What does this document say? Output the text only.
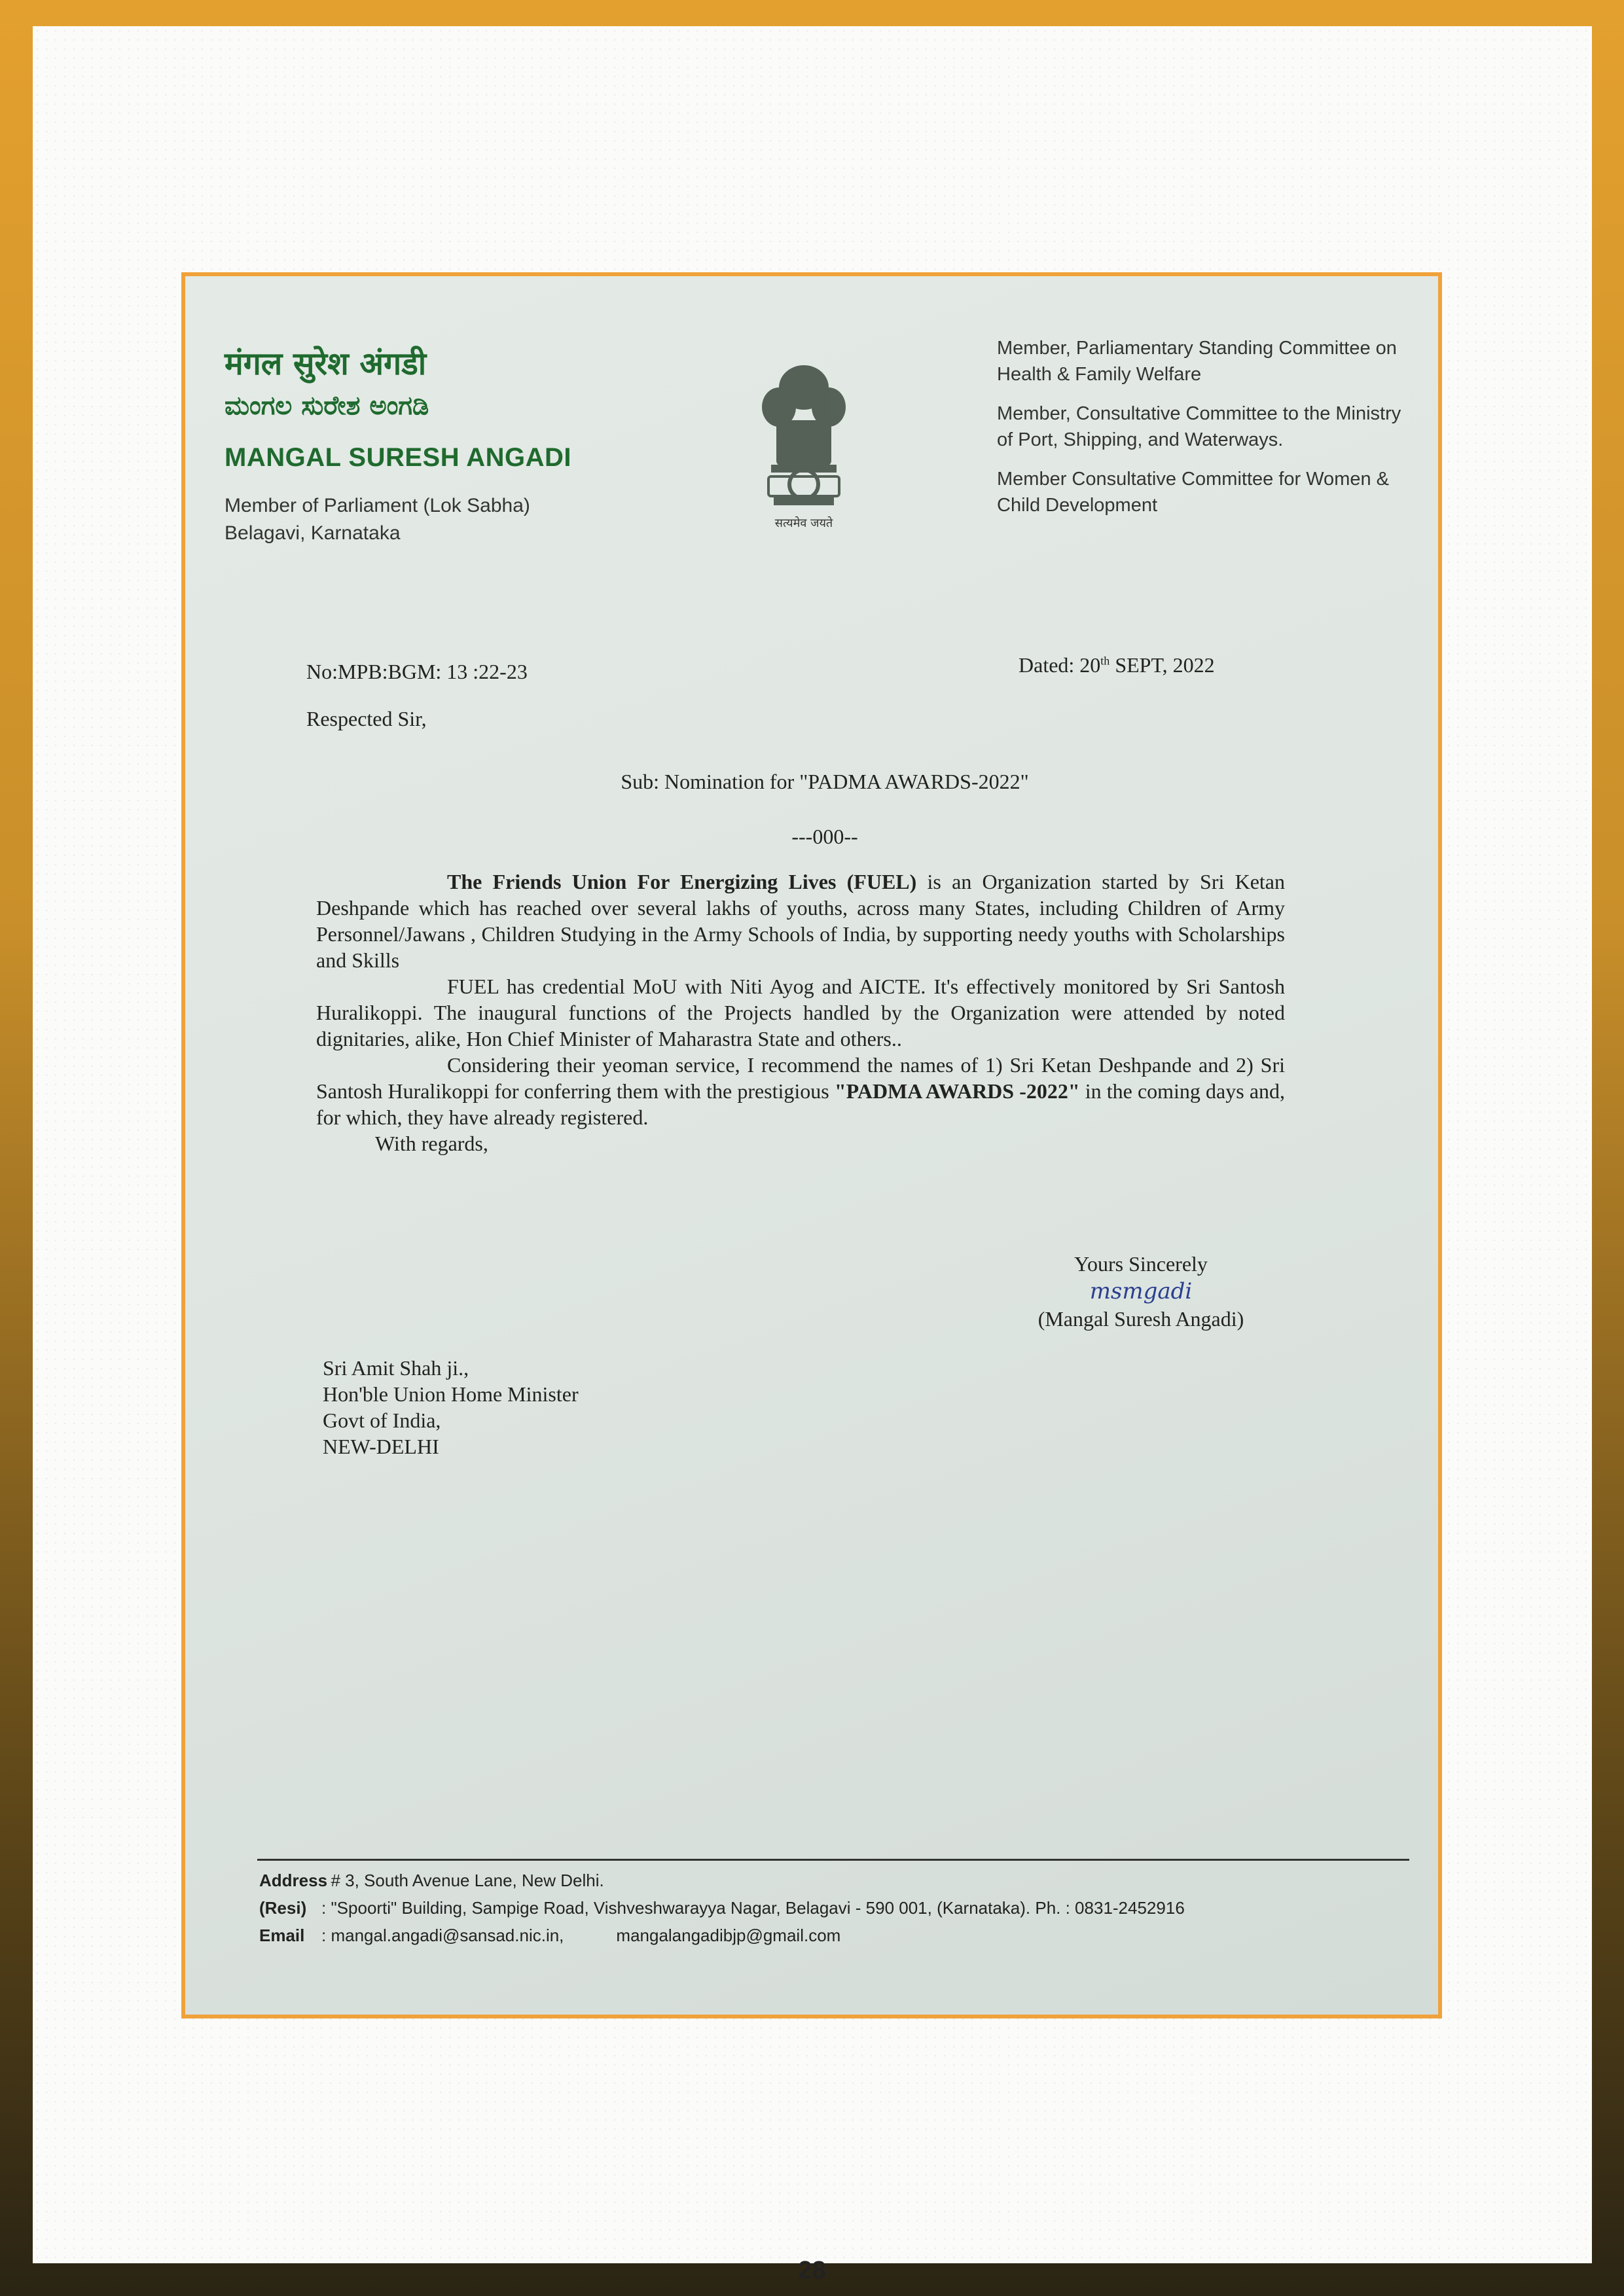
मंगल सुरेश अंगडी
ಮಂಗಲ ಸುರೇಶ ಅಂಗಡಿ
MANGAL SURESH ANGADI
Member of Parliament (Lok Sabha)
Belagavi, Karnataka	सत्यमेव जयते

Member, Parliamentary Standing Committee on Health & Family Welfare

Member, Consultative Committee to the Ministry of Port, Shipping, and Waterways.

Member Consultative Committee for Women & Child Development

No:MPB:BGM: 13 :22-23	Dated: 20th SEPT, 2022
Respected Sir,
Sub: Nomination for "PADMA AWARDS-2022"
---000--

The Friends Union For Energizing Lives (FUEL) is an Organization started by Sri Ketan Deshpande which has reached over several lakhs of youths, across many States, including Children of Army Personnel/Jawans , Children Studying in the Army Schools of India, by supporting needy youths with Scholarships and Skills

FUEL has credential MoU with Niti Ayog and AICTE. It's effectively monitored by Sri Santosh Huralikoppi. The inaugural functions of the Projects handled by the Organization were attended by noted dignitaries, alike, Hon Chief Minister of Maharastra State and others..

Considering their yeoman service, I recommend the names of 1) Sri Ketan Deshpande and 2) Sri Santosh Huralikoppi for conferring them with the prestigious "PADMA AWARDS -2022" in the coming days and, for which, they have already registered.

With regards,

Yours Sincerely
msmgadi
(Mangal Suresh Angadi)
Sri Amit Shah ji.,
Hon'ble Union Home Minister
Govt of India,
NEW-DELHI
Address: # 3, South Avenue Lane, New Delhi.
(Resi) : "Spoorti" Building, Sampige Road, Vishveshwarayya Nagar, Belagavi - 590 001, (Karnataka). Ph. : 0831-2452916
Email : mangal.angadi@sansad.nic.in,	mangalangadibjp@gmail.com
28
